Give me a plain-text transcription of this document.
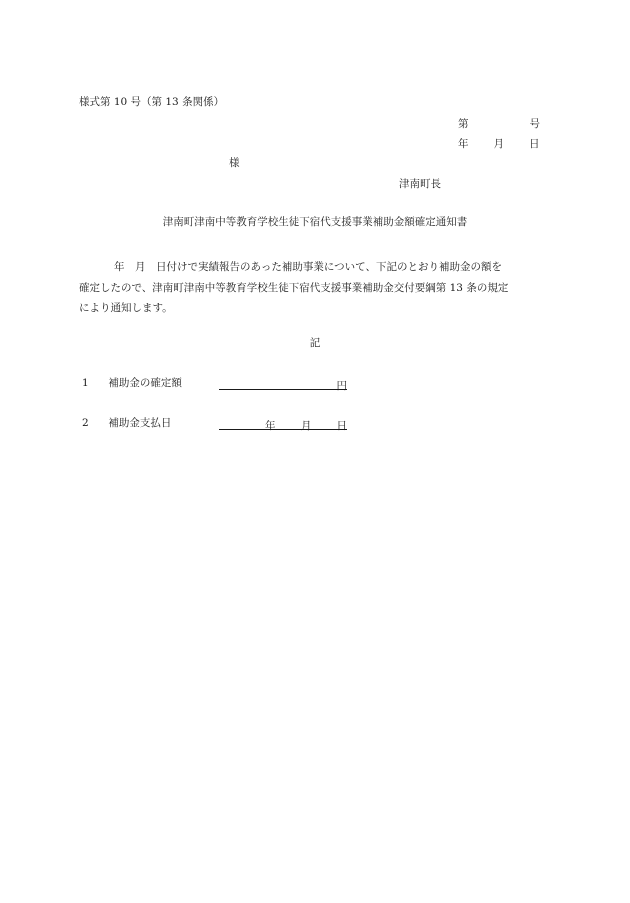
様式第 10 号（第 13 条関係）
第	号
年 月 日
様
津南町長
津南町津南中等教育学校生徒下宿代支援事業補助金額確定通知書

年　月　日付けで実績報告のあった補助事業について、下記のとおり補助金の額を

確定したので、津南町津南中等教育学校生徒下宿代支援事業補助金交付要綱第 13 条の規定

により通知します。

記
1 補助金の確定額	円
2 補助金支払日	年 月 日
